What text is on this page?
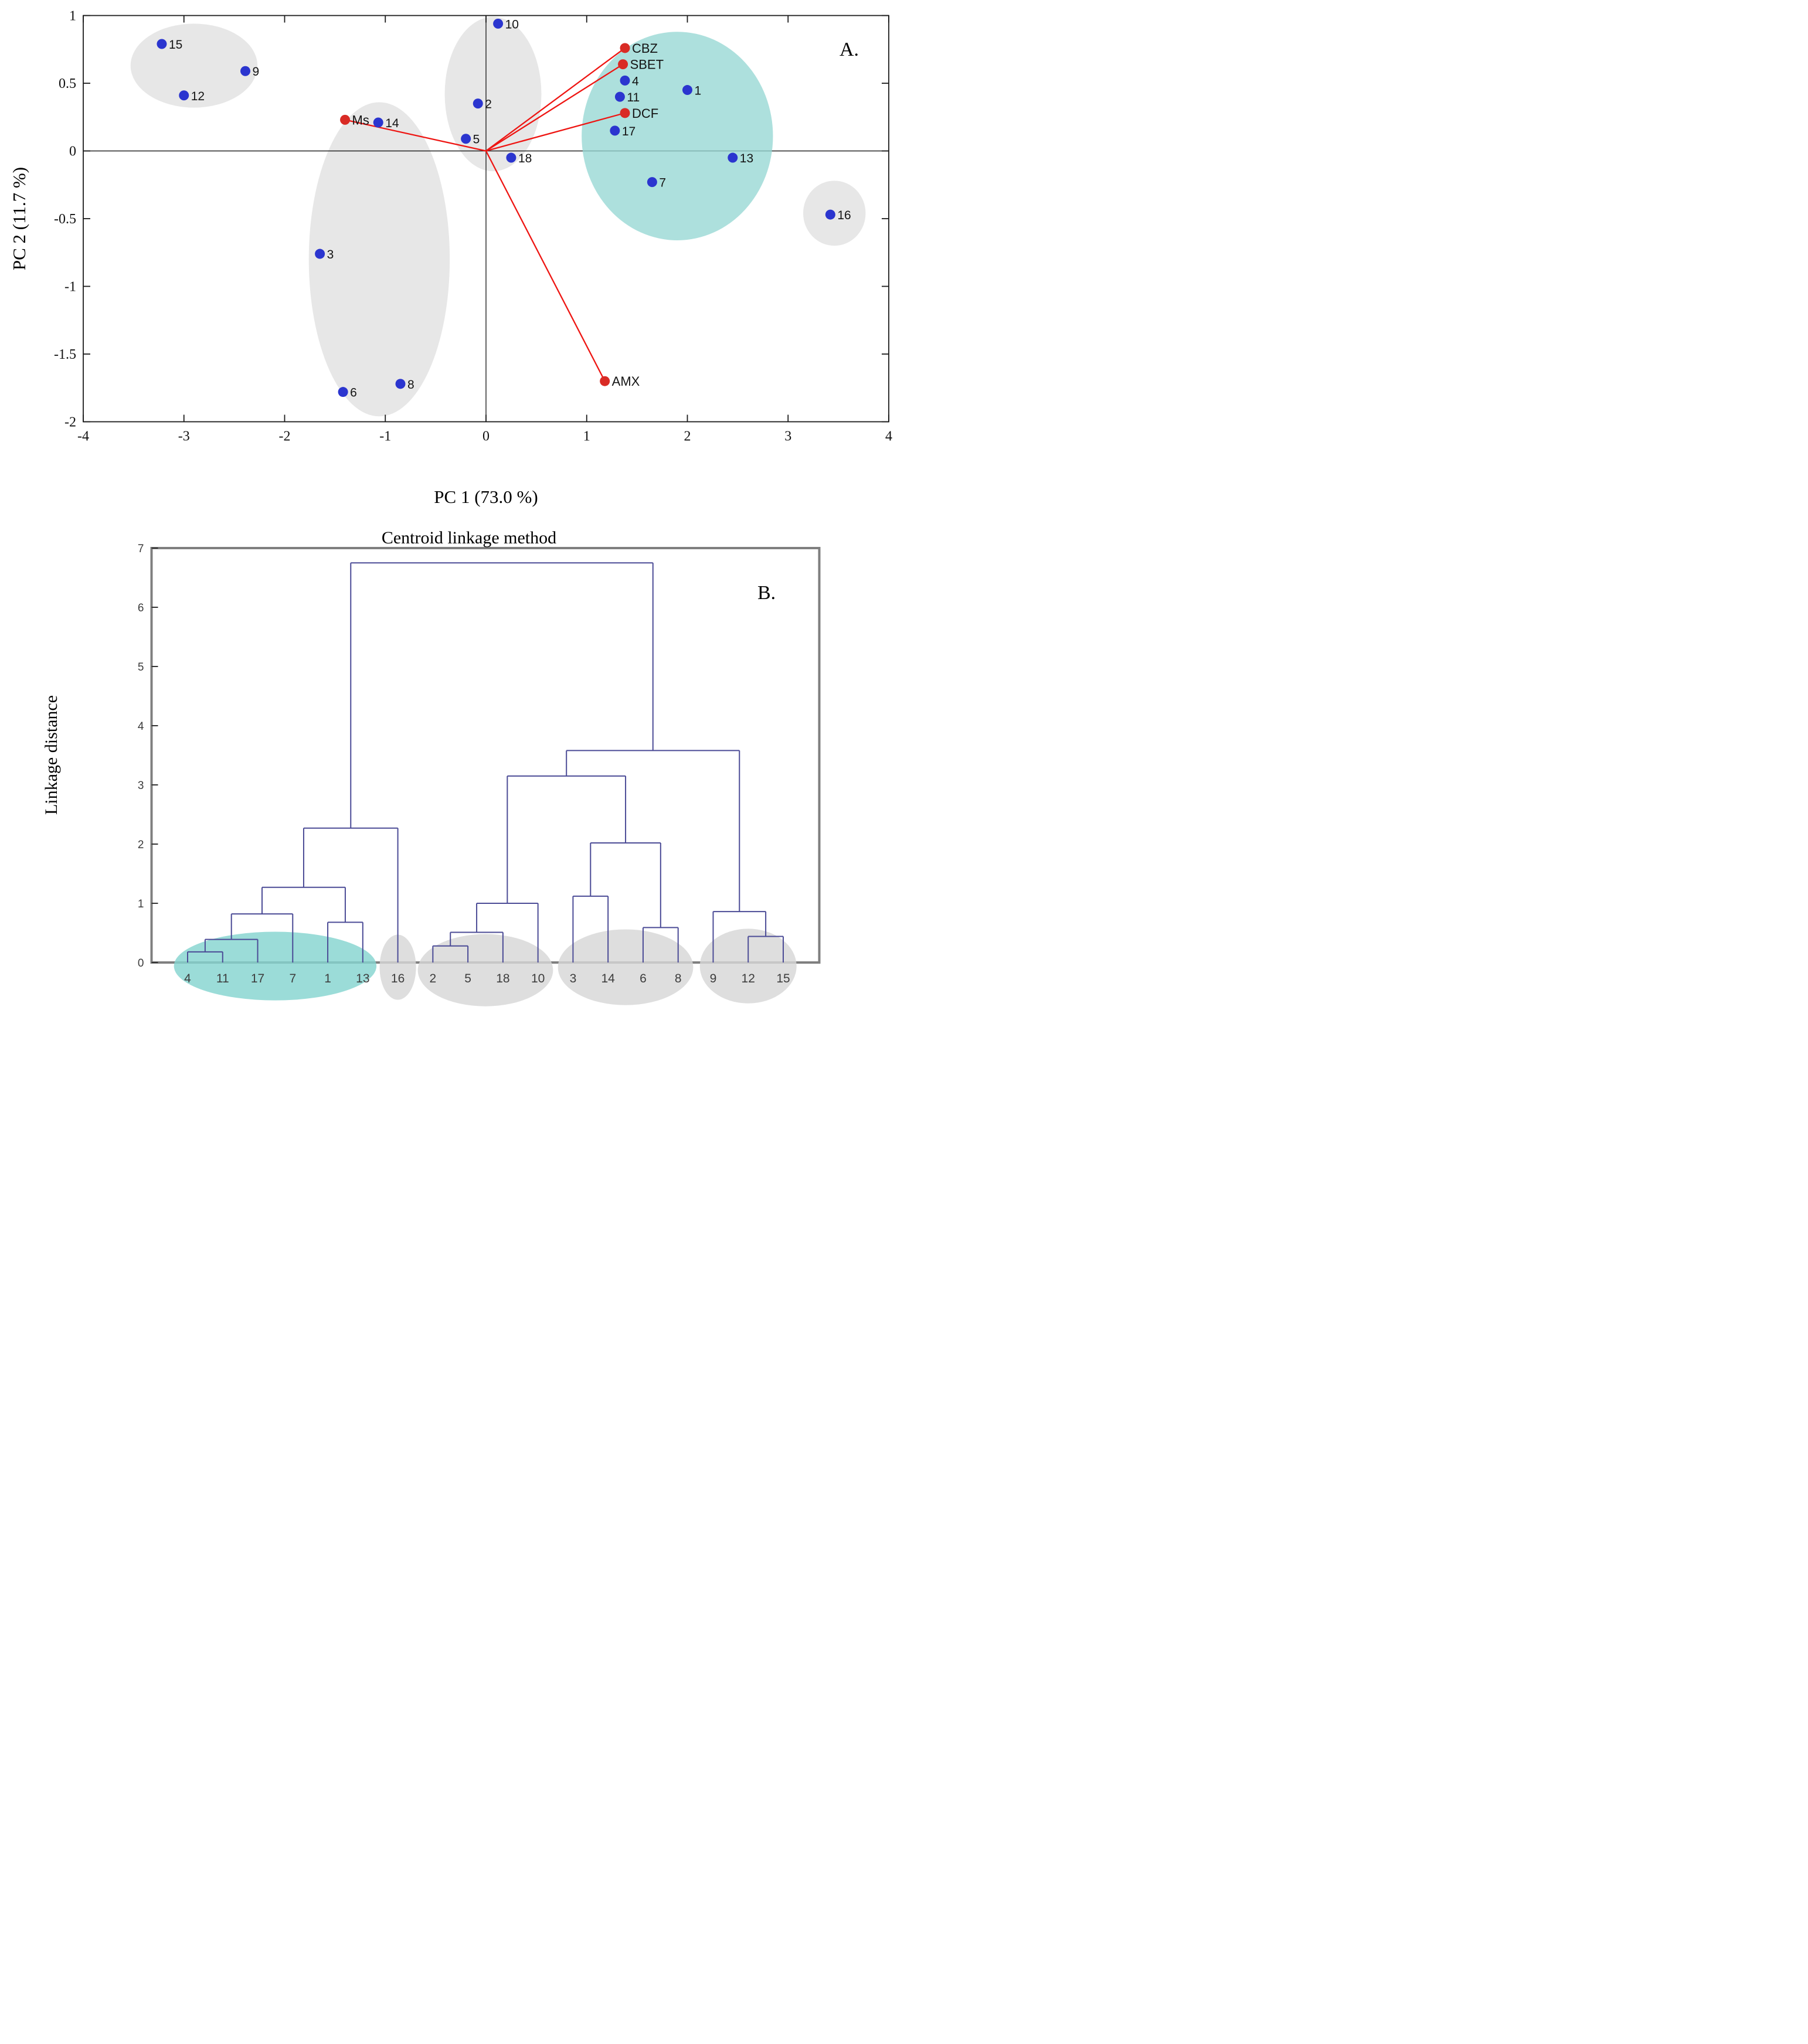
-4	-3	-2	-1	0	1	2	3	4
1
0.5
0
-0.5
-1
-1.5
-2
CBZ
SBET
DCF
Ms
AMX
1
2
3
4
5
6
7
8
9
10
11
12
13
14
15
16
17
18
0
1
2
3
4
5
6
7
4 11 17 7 1 13 16 2 5 18 10 3 14 6 8 9 12 15
PC 2 (11.7 %)
PC 1 (73.0 %)
A.
Centroid linkage method
B.
Linkage distance
